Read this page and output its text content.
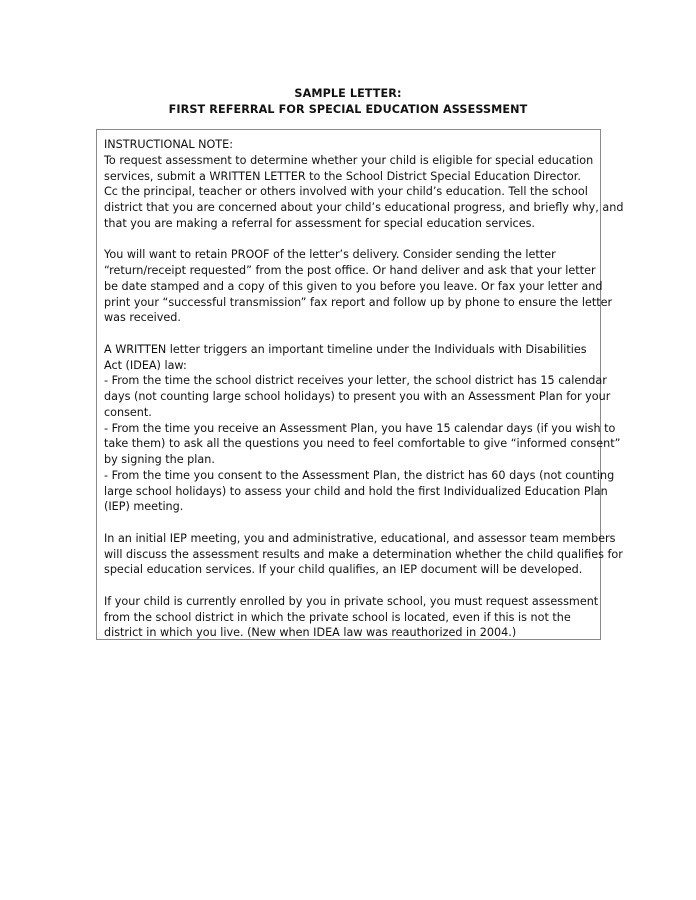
SAMPLE LETTER:
FIRST REFERRAL FOR SPECIAL EDUCATION ASSESSMENT
INSTRUCTIONAL NOTE:
To request assessment to determine whether your child is eligible for special education
services, submit a WRITTEN LETTER to the School District Special Education Director.
Cc the principal, teacher or others involved with your child’s education. Tell the school
district that you are concerned about your child’s educational progress, and briefly why, and
that you are making a referral for assessment for special education services.
You will want to retain PROOF of the letter’s delivery. Consider sending the letter
“return/receipt requested” from the post office. Or hand deliver and ask that your letter
be date stamped and a copy of this given to you before you leave. Or fax your letter and
print your “successful transmission” fax report and follow up by phone to ensure the letter
was received.
A WRITTEN letter triggers an important timeline under the Individuals with Disabilities
Act (IDEA) law:
- From the time the school district receives your letter, the school district has 15 calendar
days (not counting large school holidays) to present you with an Assessment Plan for your
consent.
- From the time you receive an Assessment Plan, you have 15 calendar days (if you wish to
take them) to ask all the questions you need to feel comfortable to give “informed consent”
by signing the plan.
- From the time you consent to the Assessment Plan, the district has 60 days (not counting
large school holidays) to assess your child and hold the first Individualized Education Plan
(IEP) meeting.
In an initial IEP meeting, you and administrative, educational, and assessor team members
will discuss the assessment results and make a determination whether the child qualifies for
special education services. If your child qualifies, an IEP document will be developed.
If your child is currently enrolled by you in private school, you must request assessment
from the school district in which the private school is located, even if this is not the
district in which you live. (New when IDEA law was reauthorized in 2004.)
